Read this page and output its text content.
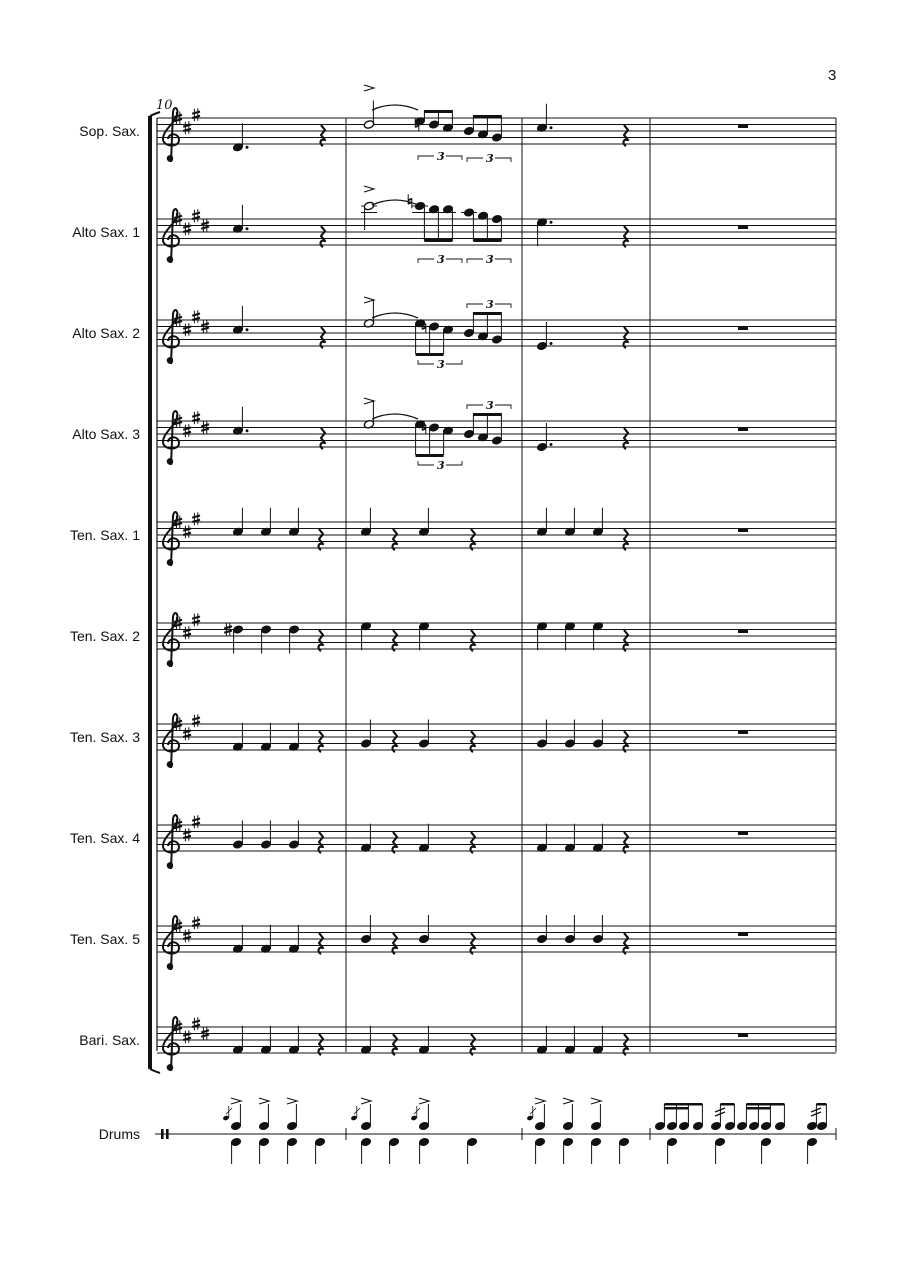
3
10
Sop. Sax.
Alto Sax. 1
Alto Sax. 2
Alto Sax. 3
Ten. Sax. 1
Ten. Sax. 2
Ten. Sax. 3
Ten. Sax. 4
Ten. Sax. 5
Bari. Sax.
Drums
3	3
3	3
3
3
3
3
